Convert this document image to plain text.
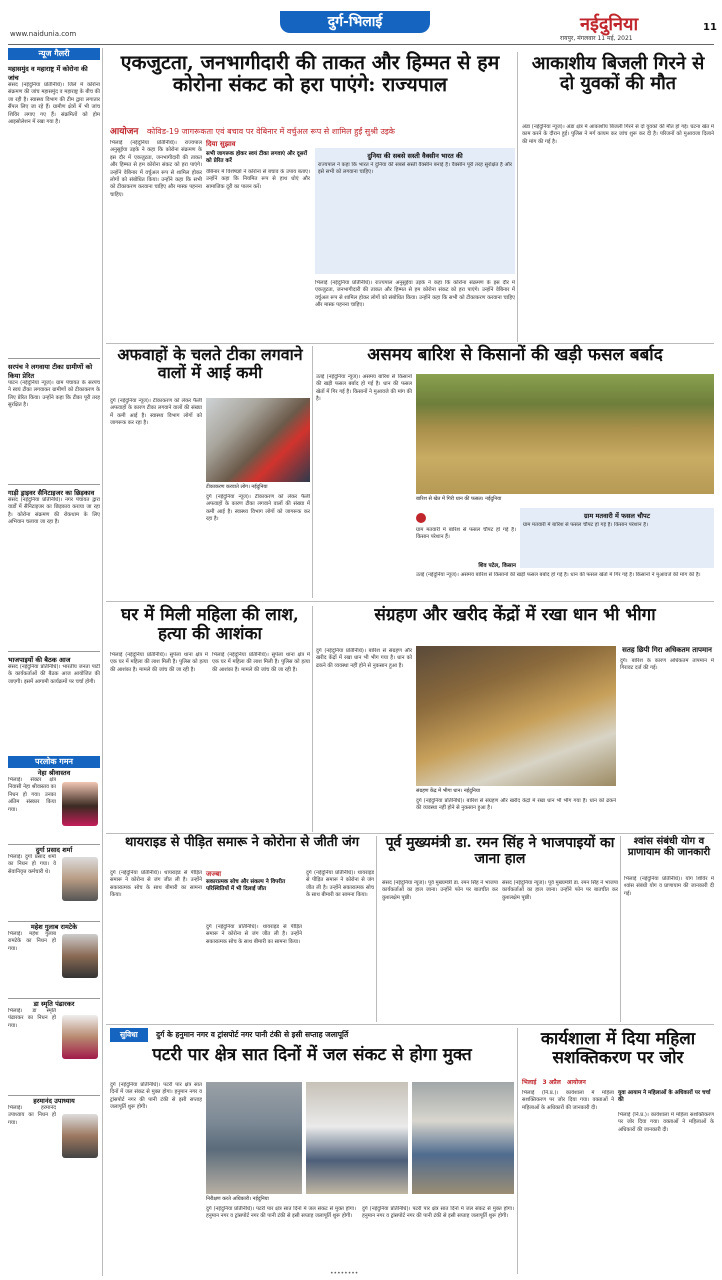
www.naidunia.com
दुर्ग-भिलाई	नईदुनिया
रायपुर, मंगलवार 11 मई, 2021
11
न्यूज गैलरी
महासमुंद व महाराष्ट्र में कोरोना की जांच
संसद (नईदुनिया प्रतिनिधि)। जिले में कोरोना संक्रमण की जांच महासमुंद व महाराष्ट्र के बीच की जा रही है। स्वास्थ्य विभाग की टीम द्वारा लगातार सैंपल लिए जा रहे हैं। ग्रामीण क्षेत्रों में भी जांच शिविर लगाए गए हैं। संक्रमितों को होम आइसोलेशन में रखा गया है।
सरपंच ने लगवाया टीका ग्रामीणों को किया प्रेरित
पाटन (नईदुनिया न्यूज)। ग्राम पंचायत के सरपंच ने स्वयं टीका लगवाकर ग्रामीणों को टीकाकरण के लिए प्रेरित किया। उन्होंने कहा कि टीका पूरी तरह सुरक्षित है।
गाड़ी ड्राइवर सैनिटाइजर का छिड़काव
संसद (नईदुनिया प्रतिनिधि)। नगर पंचायत द्वारा वार्डों में सैनिटाइजर का छिड़काव कराया जा रहा है। कोरोना संक्रमण की रोकथाम के लिए अभियान चलाया जा रहा है।
भाजपाइयों की बैठक आज
संसद (नईदुनिया प्रतिनिधि)। भारतीय जनता पार्टी के कार्यकर्ताओं की बैठक आज आयोजित की जाएगी। इसमें आगामी कार्यक्रमों पर चर्चा होगी।
परलोक गमन
नेहा श्रीवास्तव
भिलाई। सेक्टर क्षेत्र निवासी नेहा श्रीवास्तव का निधन हो गया। उनका अंतिम संस्कार किया गया।
दुर्गा प्रसाद शर्मा
भिलाई। दुर्गा प्रसाद शर्मा का निधन हो गया। वे सेवानिवृत्त कर्मचारी थे।
महेश गुलाब रामटेके
भिलाई। महेश गुलाब रामटेके का निधन हो गया।
डा स्मृति पंढारकर
भिलाई। डा स्मृति पंढारकर का निधन हो गया।
हरमानंद उपाध्याय
भिलाई। हरमानंद उपाध्याय का निधन हो गया।
एकजुटता, जनभागीदारी की ताकत और हिम्मत से हम कोरोना संकट को हरा पाएंगे: राज्यपाल
आयोजन कोविड-19 जागरूकता एवं बचाव पर वेबिनार में वर्चुअल रूप से शामिल हुईं सुश्री उइके
भिलाई (नईदुनिया प्रतिनिधि)। राज्यपाल अनुसुईया उइके ने कहा कि कोरोना संक्रमण के इस दौर में एकजुटता, जनभागीदारी की ताकत और हिम्मत से हम कोरोना संकट को हरा पाएंगे। उन्होंने वेबिनार में वर्चुअल रूप से शामिल होकर लोगों को संबोधित किया। उन्होंने कहा कि सभी को टीकाकरण करवाना चाहिए और मास्क पहनना चाहिए।
दिया सुझाव
सभी जागरूक होकर स्वयं टीका लगवाएं और दूसरों को प्रेरित करें
वेबिनार में विशेषज्ञों ने कोरोना से बचाव के उपाय बताए। उन्होंने कहा कि नियमित रूप से हाथ धोएं और सामाजिक दूरी का पालन करें।
दुनिया की सबसे सस्ती वैक्सीन भारत की
राज्यपाल ने कहा कि भारत ने दुनिया की सबसे सस्ती वैक्सीन बनाई है। वैक्सीन पूरी तरह सुरक्षित है और इसे सभी को लगवाना चाहिए।
भिलाई (नईदुनिया प्रतिनिधि)। राज्यपाल अनुसुईया उइके ने कहा कि कोरोना संक्रमण के इस दौर में एकजुटता, जनभागीदारी की ताकत और हिम्मत से हम कोरोना संकट को हरा पाएंगे। उन्होंने वेबिनार में वर्चुअल रूप से शामिल होकर लोगों को संबोधित किया। उन्होंने कहा कि सभी को टीकाकरण करवाना चाहिए और मास्क पहनना चाहिए।
आकाशीय बिजली गिरने से दो युवकों की मौत
अंडा (नईदुनिया न्यूज)। अंडा क्षेत्र में आकाशीय बिजली गिरने से दो युवकों की मौत हो गई। घटना खेत में काम करने के दौरान हुई। पुलिस ने मर्ग कायम कर जांच शुरू कर दी है। परिजनों को मुआवजा दिलाने की मांग की गई है।
अफवाहों के चलते टीका लगवाने वालों में आई कमी
दुर्ग (नईदुनिया न्यूज)। टीकाकरण को लेकर फैली अफवाहों के कारण टीका लगवाने वालों की संख्या में कमी आई है। स्वास्थ्य विभाग लोगों को जागरूक कर रहा है।
टीकाकरण करवाते लोग। नईदुनिया
दुर्ग (नईदुनिया न्यूज)। टीकाकरण को लेकर फैली अफवाहों के कारण टीका लगवाने वालों की संख्या में कमी आई है। स्वास्थ्य विभाग लोगों को जागरूक कर रहा है।
असमय बारिश से किसानों की खड़ी फसल बर्बाद
उतई (नईदुनिया न्यूज)। असमय बारिश से किसानों की खड़ी फसल बर्बाद हो गई है। धान की फसल खेतों में गिर गई है। किसानों ने मुआवजे की मांग की है।
बारिश से खेत में गिरी धान की फसल। नईदुनिया
ग्राम मतवारी में बारिश से फसल चौपट हो गई है। किसान परेशान हैं।
शिव पटेल, किसान
ग्राम मतवारी में फसल चौपट
ग्राम मतवारी में बारिश से फसल चौपट हो गई है। किसान परेशान हैं।
उतई (नईदुनिया न्यूज)। असमय बारिश से किसानों की खड़ी फसल बर्बाद हो गई है। धान की फसल खेतों में गिर गई है। किसानों ने मुआवजे की मांग की है।
घर में मिली महिला की लाश, हत्या की आशंका
भिलाई (नईदुनिया प्रतिनिधि)। सुपेला थाना क्षेत्र में एक घर में महिला की लाश मिली है। पुलिस को हत्या की आशंका है। मामले की जांच की जा रही है।
भिलाई (नईदुनिया प्रतिनिधि)। सुपेला थाना क्षेत्र में एक घर में महिला की लाश मिली है। पुलिस को हत्या की आशंका है। मामले की जांच की जा रही है।
संग्रहण और खरीद केंद्रों में रखा धान भी भीगा
दुर्ग (नईदुनिया प्रतिनिधि)। बारिश से संग्रहण और खरीद केंद्रों में रखा धान भी भीग गया है। धान को ढकने की व्यवस्था नहीं होने से नुकसान हुआ है।
संग्रहण केंद्र में भीगा धान। नईदुनिया
दुर्ग (नईदुनिया प्रतिनिधि)। बारिश से संग्रहण और खरीद केंद्रों में रखा धान भी भीग गया है। धान को ढकने की व्यवस्था नहीं होने से नुकसान हुआ है।
सतह छिपी गिरा अधिकतम तापमान
दुर्ग। बारिश के कारण अधिकतम तापमान में गिरावट दर्ज की गई।
थायराइड से पीड़ित समारू ने कोरोना से जीती जंग
दुर्ग (नईदुनिया प्रतिनिधि)। थायराइड से पीड़ित समारू ने कोरोना से जंग जीत ली है। उन्होंने सकारात्मक सोच के साथ बीमारी का सामना किया।
जज्बा
सकारात्मक सोच और संकल्प ने विपरीत परिस्थितियों में भी दिलाई जीत
दुर्ग (नईदुनिया प्रतिनिधि)। थायराइड से पीड़ित समारू ने कोरोना से जंग जीत ली है। उन्होंने सकारात्मक सोच के साथ बीमारी का सामना किया।
दुर्ग (नईदुनिया प्रतिनिधि)। थायराइड से पीड़ित समारू ने कोरोना से जंग जीत ली है। उन्होंने सकारात्मक सोच के साथ बीमारी का सामना किया।
पूर्व मुख्यमंत्री डा. रमन सिंह ने भाजपाइयों का जाना हाल
संसद (नईदुनिया न्यूज)। पूर्व मुख्यमंत्री डा. रमन सिंह ने भाजपा कार्यकर्ताओं का हाल जाना। उन्होंने फोन पर बातचीत कर कुशलक्षेम पूछी।
संसद (नईदुनिया न्यूज)। पूर्व मुख्यमंत्री डा. रमन सिंह ने भाजपा कार्यकर्ताओं का हाल जाना। उन्होंने फोन पर बातचीत कर कुशलक्षेम पूछी।
श्वांस संबंधी योग व प्राणायाम की जानकारी
भिलाई (नईदुनिया प्रतिनिधि)। योग शिविर में श्वांस संबंधी योग व प्राणायाम की जानकारी दी गई।
सुविधा दुर्ग के हनुमान नगर व ट्रांसपोर्ट नगर पानी टंकी से इसी सप्ताह जलापूर्ति
पटरी पार क्षेत्र सात दिनों में जल संकट से होगा मुक्त
दुर्ग (नईदुनिया प्रतिनिधि)। पटरी पार क्षेत्र सात दिनों में जल संकट से मुक्त होगा। हनुमान नगर व ट्रांसपोर्ट नगर की पानी टंकी से इसी सप्ताह जलापूर्ति शुरू होगी।
निरीक्षण करते अधिकारी। नईदुनिया
दुर्ग (नईदुनिया प्रतिनिधि)। पटरी पार क्षेत्र सात दिनों में जल संकट से मुक्त होगा। हनुमान नगर व ट्रांसपोर्ट नगर की पानी टंकी से इसी सप्ताह जलापूर्ति शुरू होगी।
दुर्ग (नईदुनिया प्रतिनिधि)। पटरी पार क्षेत्र सात दिनों में जल संकट से मुक्त होगा। हनुमान नगर व ट्रांसपोर्ट नगर की पानी टंकी से इसी सप्ताह जलापूर्ति शुरू होगी।
कार्यशाला में दिया महिला सशक्तिकरण पर जोर
भिलाई 3 अप्रैल आयोजन
भिलाई (नि.प्र.)। कार्यशाला में महिला सशक्तिकरण पर जोर दिया गया। वक्ताओं ने महिलाओं के अधिकारों की जानकारी दी।
युवा आयाम ने महिलाओं के अधिकारों पर चर्चा की
भिलाई (नि.प्र.)। कार्यशाला में महिला सशक्तिकरण पर जोर दिया गया। वक्ताओं ने महिलाओं के अधिकारों की जानकारी दी।
••••••••
